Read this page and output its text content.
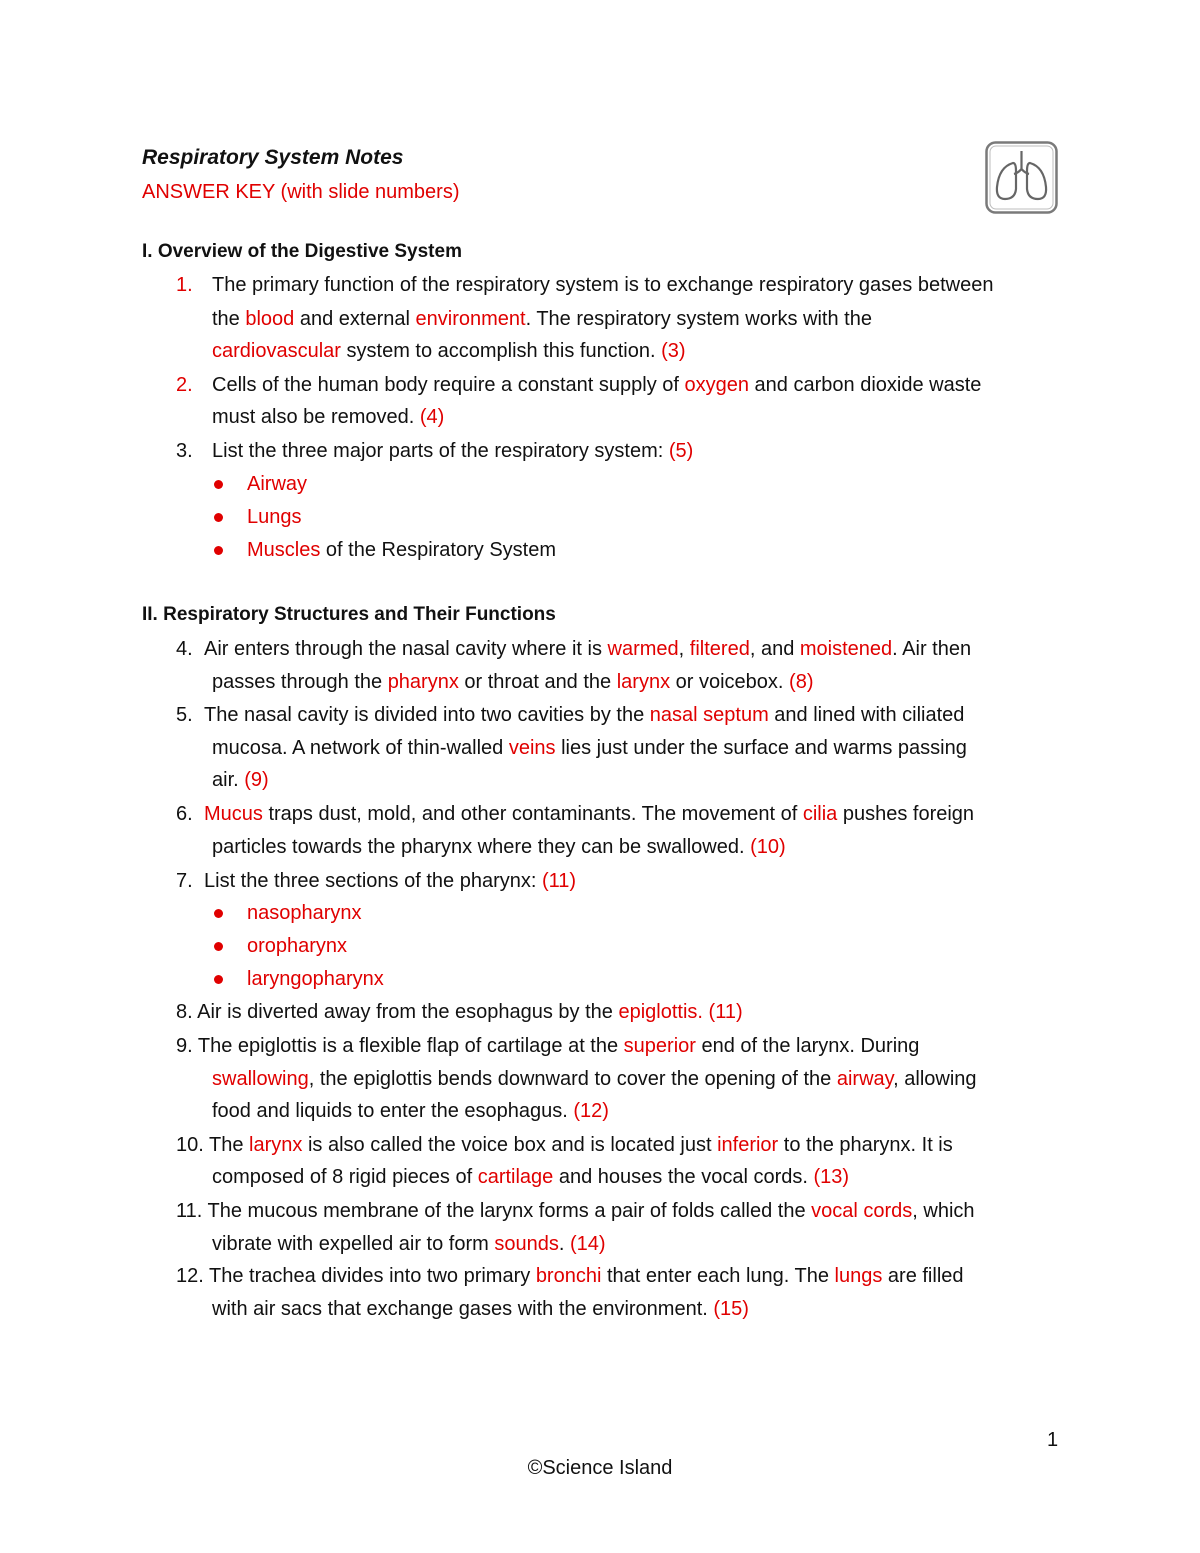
Respiratory System Notes
ANSWER KEY (with slide numbers)
I. Overview of the Digestive System
1. The primary function of the respiratory system is to exchange respiratory gases between
the blood and external environment. The respiratory system works with the
cardiovascular system to accomplish this function. (3)
2. Cells of the human body require a constant supply of oxygen and carbon dioxide waste
must also be removed. (4)
3. List the three major parts of the respiratory system: (5)
Airway
Lungs
Muscles of the Respiratory System
II. Respiratory Structures and Their Functions
4. Air enters through the nasal cavity where it is warmed, filtered, and moistened. Air then
passes through the pharynx or throat and the larynx or voicebox. (8)
5. The nasal cavity is divided into two cavities by the nasal septum and lined with ciliated
mucosa. A network of thin-walled veins lies just under the surface and warms passing
air. (9)
6. Mucus traps dust, mold, and other contaminants. The movement of cilia pushes foreign
particles towards the pharynx where they can be swallowed. (10)
7. List the three sections of the pharynx: (11)
nasopharynx
oropharynx
laryngopharynx
8. Air is diverted away from the esophagus by the epiglottis. (11)
9. The epiglottis is a flexible flap of cartilage at the superior end of the larynx. During
swallowing, the epiglottis bends downward to cover the opening of the airway, allowing
food and liquids to enter the esophagus. (12)
10. The larynx is also called the voice box and is located just inferior to the pharynx. It is
composed of 8 rigid pieces of cartilage and houses the vocal cords. (13)
11. The mucous membrane of the larynx forms a pair of folds called the vocal cords, which
vibrate with expelled air to form sounds. (14)
12. The trachea divides into two primary bronchi that enter each lung. The lungs are filled
with air sacs that exchange gases with the environment. (15)
1
©Science Island
